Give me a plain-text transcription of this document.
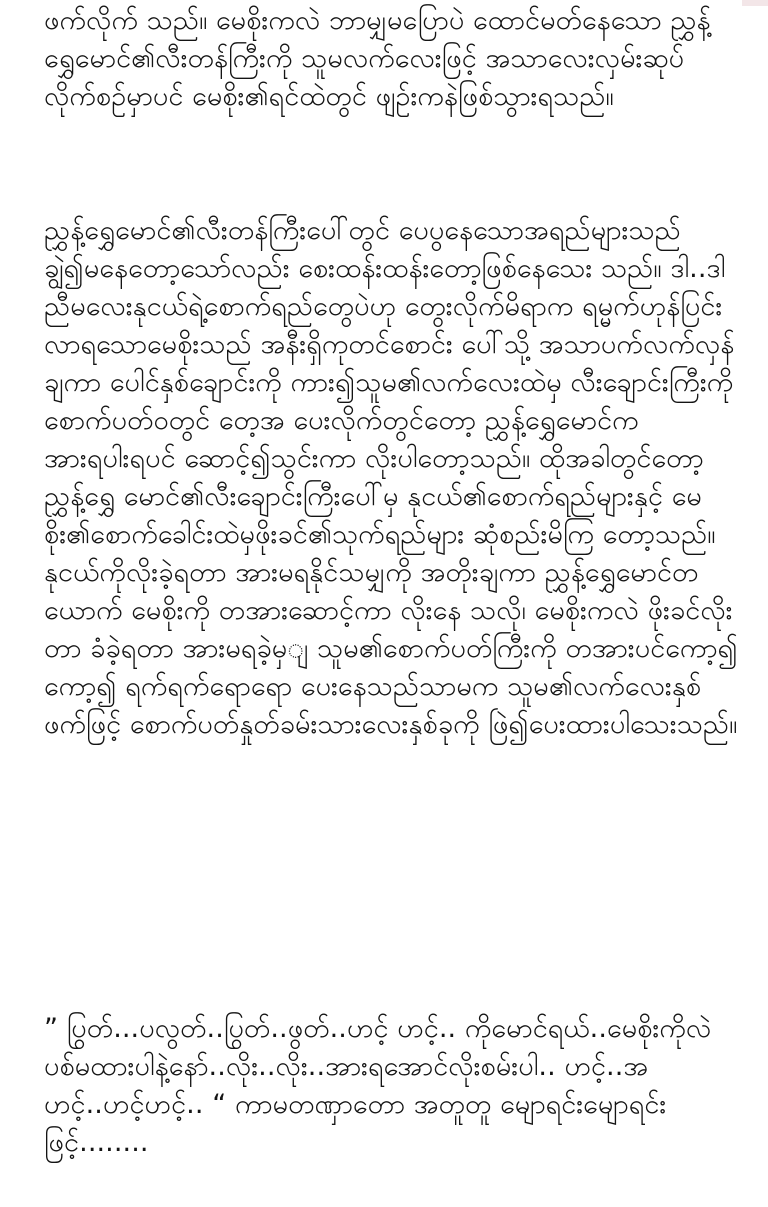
ဖက်လိုက် သည်။ မေစိုးကလဲ ဘာမျှမပြောပဲ ထောင်မတ်နေသော ညွှန့်ရွှေမောင်၏လီးတန်ကြီးကို သူမလက်လေးဖြင့် အသာလေးလှမ်းဆုပ် လိုက်စဉ်မှာပင် မေစိုး၏ရင်ထဲတွင် ဖျဉ်းကနဲဖြစ်သွားရသည်။

ညွှန့်ရွှေမောင်၏လီးတန်ကြီးပေါ်တွင် ပေပွနေသောအရည်များသည် ချွဲ၍မနေတော့သော်လည်း စေးထန်းထန်းတော့ဖြစ်နေသေး သည်။ ဒါ..ဒါ ညီမလေးနုငယ်ရဲ့စောက်ရည်တွေပဲဟု တွေးလိုက်မိရာက ရမ္မက်ဟုန်ပြင်းလာရသောမေစိုးသည် အနီးရှိကုတင်စောင်း ပေါ်သို့ အသာပက်လက်လှန်ချကာ ပေါင်နှစ်ချောင်းကို ကား၍သူမ၏လက်လေးထဲမှ လီးချောင်းကြီးကို စောက်ပတ်ဝတွင် တေ့အ ပေးလိုက်တွင်တော့ ညွှန့်ရွှေမောင်က အားရပါးရပင် ဆောင့်၍သွင်းကာ လိုးပါတော့သည်။ ထိုအခါတွင်တော့ ညွှန့်ရွှေ မောင်၏လီးချောင်းကြီးပေါ်မှ နုငယ်၏စောက်ရည်များနှင့် မေစိုး၏စောက်ခေါင်းထဲမှဖိုးခင်၏သုက်ရည်များ ဆုံစည်းမိကြ တော့သည်။ နုငယ်ကိုလိုးခဲ့ရတာ အားမရနိုင်သမျှကို အတိုးချကာ ညွှန့်ရွှေမောင်တယောက် မေစိုးကို တအားဆောင့်ကာ လိုးနေ သလို၊ မေစိုးကလဲ ဖိုးခင်လိုးတာ ခံခဲ့ရတာ အားမရခဲ့မှျ သူမ၏စောက်ပတ်ကြီးကို တအားပင်ကော့၍ ကော့၍ ရက်ရက်ရောရော ပေးနေသည်သာမက သူမ၏လက်လေးနှစ်ဖက်ဖြင့် စောက်ပတ်နှုတ်ခမ်းသားလေးနှစ်ခုကို ဖြဲ၍ပေးထားပါသေးသည်။

” ပြွတ်...ပလွတ်..ပြွတ်..ဖွတ်..ဟင့် ဟင့်.. ကိုမောင်ရယ်..မေစိုးကိုလဲ ပစ်မထားပါနဲ့နော်..လိုး..လိုး..အားရအောင်လိုးစမ်းပါ.. ဟင့်..အဟင့်..ဟင့်ဟင့်.. “ ကာမတဏှာတော အတူတူ မျောရင်းမျောရင်း ဖြင့်........
